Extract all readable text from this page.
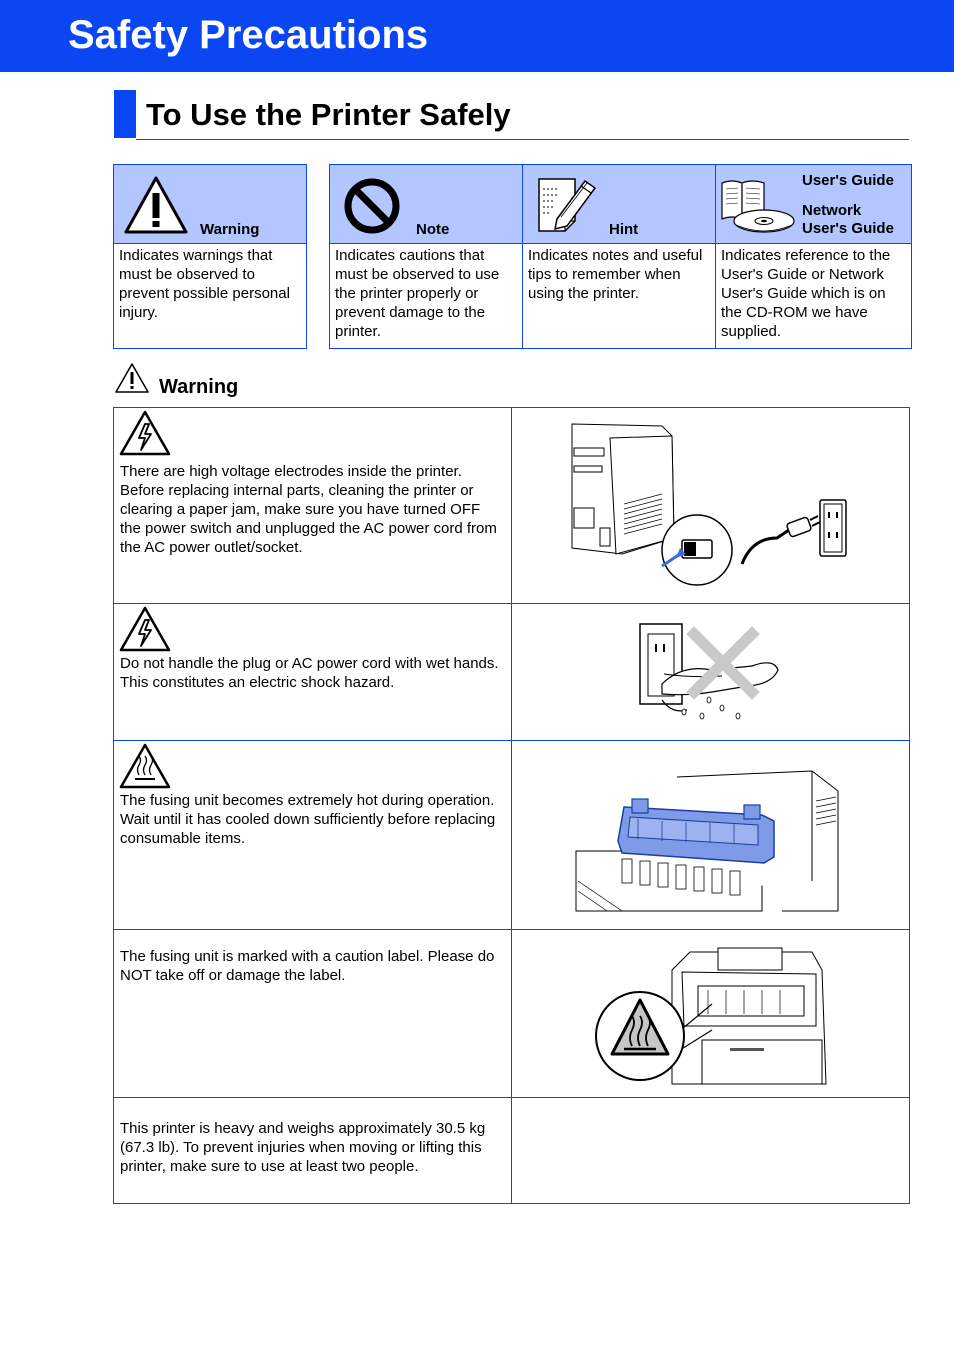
Safety Precautions
To Use the Printer Safely
Warning

Indicates warnings that must be observed to prevent possible personal injury.
Note	Hint	User's Guide
Network
User's Guide

Indicates cautions that must be observed to use the printer properly or prevent damage to the printer.	Indicates notes and useful tips to remember when using the printer.	Indicates reference to the User's Guide or Network User's Guide which is on the CD-ROM we have supplied.
Warning
There are high voltage electrodes inside the printer. Before replacing internal parts, cleaning the printer or clearing a paper jam, make sure you have turned OFF the power switch and unplugged the AC power cord from the AC power outlet/socket.

Do not handle the plug or AC power cord with wet hands. This constitutes an electric shock hazard.

The fusing unit becomes extremely hot during operation. Wait until it has cooled down sufficiently before replacing consumable items.

The fusing unit is marked with a caution label. Please do NOT take off or damage the label.

This printer is heavy and weighs approximately 30.5 kg (67.3 lb). To prevent injuries when moving or lifting this printer, make sure to use at least two people.	
